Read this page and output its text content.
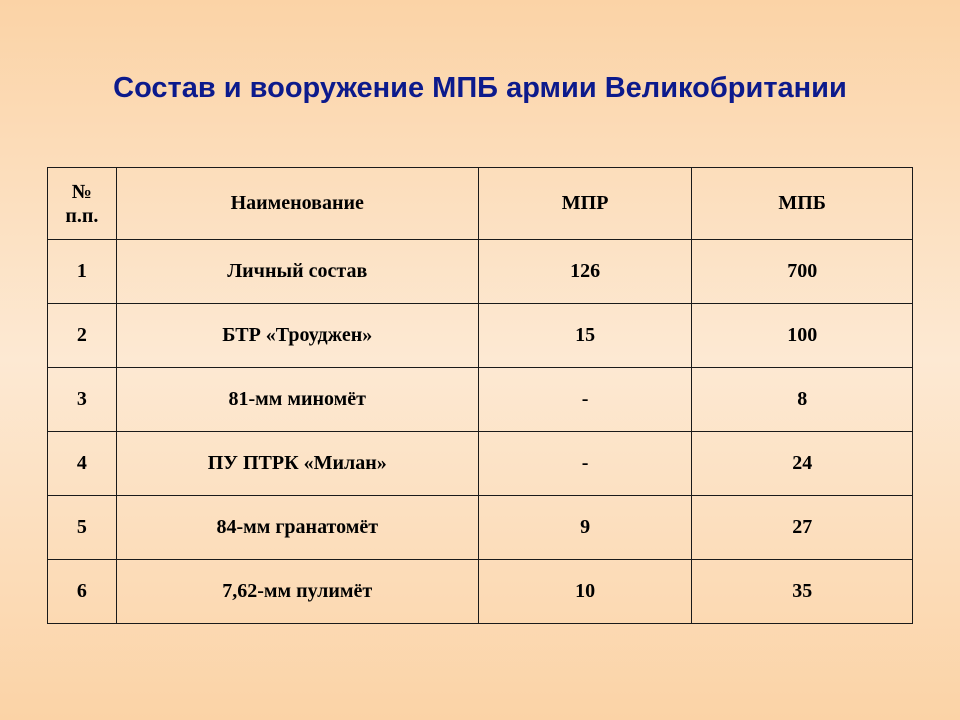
Состав и вооружение МПБ армии Великобритании
№
п.п.	Наименование	МПР	МПБ
1	Личный состав	126	700
2	БТР «Троуджен»	15	100
3	81-мм миномёт	-	8
4	ПУ ПТРК «Милан»	-	24
5	84-мм гранатомёт	9	27
6	7,62-мм пулимёт	10	35
